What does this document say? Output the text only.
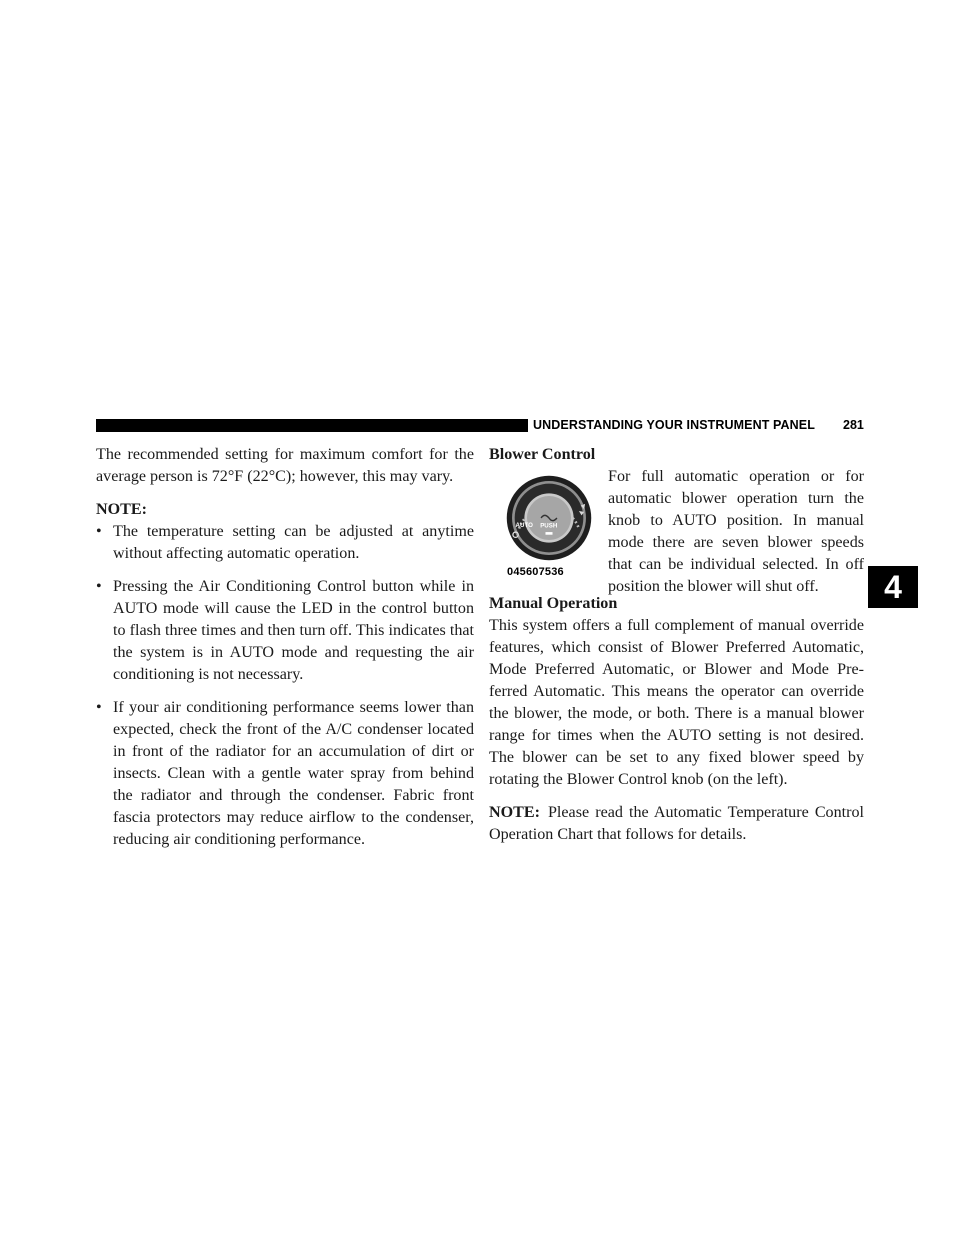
UNDERSTANDING YOUR INSTRUMENT PANEL 281
4

The recommended setting for maximum comfort for the average person is 72°F (22°C); however, this may vary.

NOTE:

• The temperature setting can be adjusted at anytime without affecting automatic operation.
• Pressing the Air Conditioning Control button while in AUTO mode will cause the LED in the control button to flash three times and then turn off. This indicates that the system is in AUTO mode and requesting the air conditioning is not necessary.
• If your air conditioning performance seems lower than expected, check the front of the A/C condenser located in front of the radiator for an accumulation of dirt or insects. Clean with a gentle water spray from behind the radiator and through the condenser. Fabric front fascia protectors may reduce airflow to the condenser, reducing air conditioning performance.
Blower Control
AUTO PUSH
045607536

For full automatic operation or for automatic blower operation turn the knob to AUTO position. In manual mode there are seven blower speeds that can be individual selected. In off position the blower will shut off.

Manual Operation

This system offers a full complement of manual override features, which consist of Blower Preferred Automatic, Mode Preferred Automatic, or Blower and Mode Pre-ferred Automatic. This means the operator can override the blower, the mode, or both. There is a manual blower range for times when the AUTO setting is not desired. The blower can be set to any fixed blower speed by rotating the Blower Control knob (on the left).

NOTE: Please read the Automatic Temperature Control Operation Chart that follows for details.
